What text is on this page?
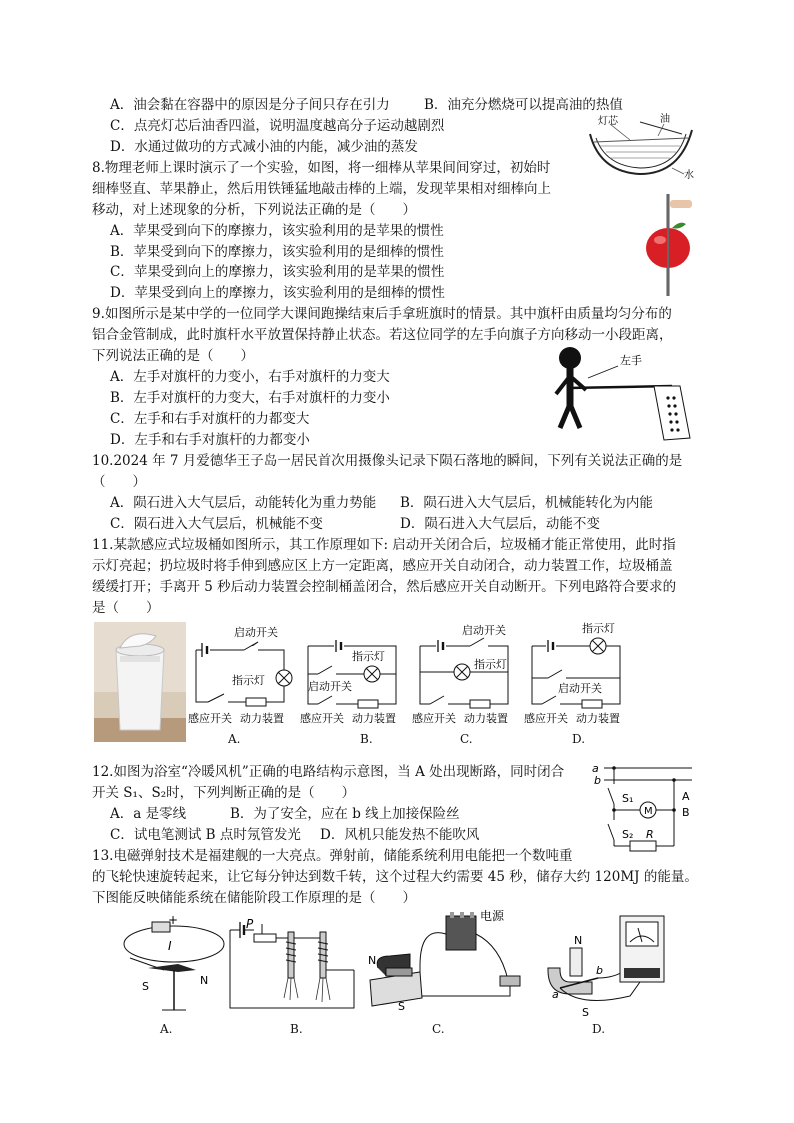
A．油会黏在容器中的原因是分子间只存在引力	B．油充分燃烧可以提高油的热值
C．点亮灯芯后油香四溢，说明温度越高分子运动越剧烈
D．水通过做功的方式减小油的内能，减少油的蒸发
灯芯	油
水
8.物理老师上课时演示了一个实验，如图，将一细棒从苹果间间穿过，初始时
细棒竖直、苹果静止，然后用铁锤猛地敲击棒的上端，发现苹果相对细棒向上
移动，对上述现象的分析，下列说法正确的是（　　）
A．苹果受到向下的摩擦力，该实验利用的是苹果的惯性
B．苹果受到向下的摩擦力，该实验利用的是细棒的惯性
C．苹果受到向上的摩擦力，该实验利用的是苹果的惯性
D．苹果受到向上的摩擦力，该实验利用的是细棒的惯性
9.如图所示是某中学的一位同学大课间跑操结束后手拿班旗时的情景。其中旗杆由质量均匀分布的
铝合金管制成，此时旗杆水平放置保持静止状态。若这位同学的左手向旗子方向移动一小段距离，
下列说法正确的是（　　）
A．左手对旗杆的力变小，右手对旗杆的力变大
B．左手对旗杆的力变大，右手对旗杆的力变小
C．左手和右手对旗杆的力都变大
D．左手和右手对旗杆的力都变小
左手
10.2024 年 7 月爱德华王子岛一居民首次用摄像头记录下陨石落地的瞬间，下列有关说法正确的是
（　　）
A．陨石进入大气层后，动能转化为重力势能 B．陨石进入大气层后，机械能转化为内能
C．陨石进入大气层后，机械能不变	D．陨石进入大气层后，动能不变
11.某款感应式垃圾桶如图所示，其工作原理如下: 启动开关闭合后，垃圾桶才能正常使用，此时指
示灯亮起；扔垃圾时将手伸到感应区上方一定距离，感应开关自动闭合，动力装置工作，垃圾桶盖
缓缓打开；手离开 5 秒后动力装置会控制桶盖闭合，然后感应开关自动断开。下列电路符合要求的
是（　　）
启动开关
指示灯
感应开关 动力装置
A.
指示灯
启动开关
感应开关 动力装置
B.
启动开关
指示灯
感应开关 动力装置
C.
指示灯
启动开关
感应开关 动力装置
D.
12.如图为浴室“冷暖风机”正确的电路结构示意图，当 A 处出现断路，同时闭合
开关 S₁、S₂时，下列判断正确的是（　　）
A．a 是零线	B．为了安全，应在 b 线上加接保险丝
C．试电笔测试 B 点时氖管发光 D．风机只能发热不能吹风
a
b
S₁
S₂
M
R
A
B
13.电磁弹射技术是福建舰的一大亮点。弹射前，储能系统利用电能把一个数吨重
的飞轮快速旋转起来，让它每分钟达到数千转，这个过程大约需要 45 秒，储存大约 120MJ 的能量。
下图能反映储能系统在储能阶段工作原理的是（　　）
+
I
S	N
A.
P
B.
电源
N
S
C.
N
S
a
b
D.
